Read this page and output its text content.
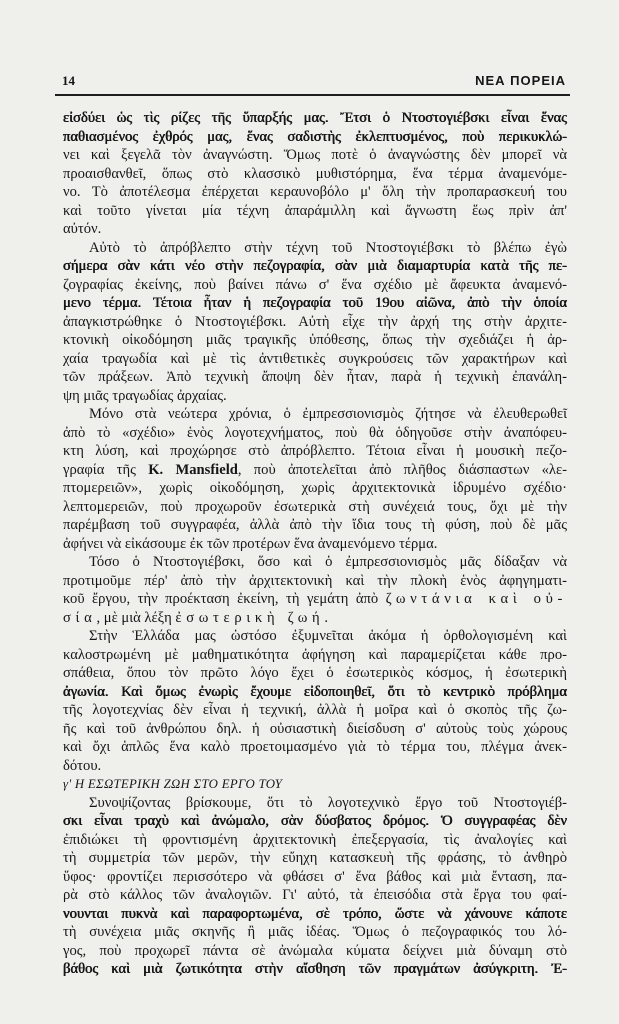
14	ΝΕΑ ΠΟΡΕΙΑ
εἰσδύει ὡς τὶς ρίζες τῆς ὕπαρξής μας. Ἔτσι ὁ Ντοστογιέβσκι εἶναι ἕνας
παθιασμένος ἐχθρός μας, ἕνας σαδιστὴς ἐκλεπτυσμένος, ποὺ περικυκλώ-
νει καὶ ξεγελᾶ τὸν ἀναγνώστη. Ὅμως ποτὲ ὁ ἀναγνώστης δὲν μπορεῖ νὰ
προαισθανθεῖ, ὅπως στὸ κλασσικὸ μυθιστόρημα, ἕνα τέρμα ἀναμενόμε-
νο. Τὸ ἀποτέλεσμα ἐπέρχεται κεραυνοβόλο μ' ὅλη τὴν προπαρασκευή του
καὶ τοῦτο γίνεται μία τέχνη ἀπαράμιλλη καὶ ἄγνωστη ἕως πρὶν ἀπ'
αὐτόν.
Αὐτὸ τὸ ἀπρόβλεπτο στὴν τέχνη τοῦ Ντοστογιέβσκι τὸ βλέπω ἐγὼ
σήμερα σὰν κάτι νέο στὴν πεζογραφία, σὰν μιὰ διαμαρτυρία κατὰ τῆς πε-
ζογραφίας ἐκείνης, ποὺ βαίνει πάνω σ' ἕνα σχέδιο μὲ ἄφευκτα ἀναμενό-
μενο τέρμα. Τέτοια ἦταν ἡ πεζογραφία τοῦ 19ου αἰῶνα, ἀπὸ τὴν ὁποία
ἀπαγκιστρώθηκε ὁ Ντοστογιέβσκι. Αὐτὴ εἶχε τὴν ἀρχή της στὴν ἀρχιτε-
κτονικὴ οἰκοδόμηση μιᾶς τραγικῆς ὑπόθεσης, ὅπως τὴν σχεδιάζει ἡ ἀρ-
χαία τραγωδία καὶ μὲ τὶς ἀντιθετικὲς συγκρούσεις τῶν χαρακτήρων καὶ
τῶν πράξεων. Ἀπὸ τεχνικὴ ἄποψη δὲν ἦταν, παρὰ ἡ τεχνικὴ ἐπανάλη-
ψη μιᾶς τραγωδίας ἀρχαίας.
Μόνο στὰ νεώτερα χρόνια, ὁ ἐμπρεσσιονισμὸς ζήτησε νὰ ἐλευθερωθεῖ
ἀπὸ τὸ «σχέδιο» ἑνὸς λογοτεχνήματος, ποὺ θὰ ὁδηγοῦσε στὴν ἀναπόφευ-
κτη λύση, καὶ προχώρησε στὸ ἀπρόβλεπτο. Τέτοια εἶναι ἡ μουσικὴ πεζο-
γραφία τῆς K. Mansfield, ποὺ ἀποτελεῖται ἀπὸ πλῆθος διάσπαστων «λε-
πτομερειῶν», χωρὶς οἰκοδόμηση, χωρὶς ἀρχιτεκτονικὰ ἱδρυμένο σχέδιο·
λεπτομερειῶν, ποὺ προχωροῦν ἐσωτερικὰ στὴ συνέχειά τους, ὄχι μὲ τὴν
παρέμβαση τοῦ συγγραφέα, ἀλλὰ ἀπὸ τὴν ἴδια τους τὴ φύση, ποὺ δὲ μᾶς
ἀφήνει νὰ εἰκάσουμε ἐκ τῶν προτέρων ἕνα ἀναμενόμενο τέρμα.
Τόσο ὁ Ντοστογιέβσκι, ὅσο καὶ ὁ ἐμπρεσσιονισμὸς μᾶς δίδαξαν νὰ
προτιμοῦμε πέρ' ἀπὸ τὴν ἀρχιτεκτονικὴ καὶ τὴν πλοκὴ ἑνὸς ἀφηγηματι-
κοῦ ἔργου, τὴν προέκταση ἐκείνη, τὴ γεμάτη ἀπὸ ζωντάνια καὶ οὐ-
σία, μὲ μιὰ λέξη ἐσωτερικὴ ζωή.
Στὴν Ἑλλάδα μας ὡστόσο ἐξυμνεῖται ἀκόμα ἡ ὀρθολογισμένη καὶ
καλοστρωμένη μὲ μαθηματικότητα ἀφήγηση καὶ παραμερίζεται κάθε προ-
σπάθεια, ὅπου τὸν πρῶτο λόγο ἔχει ὁ ἐσωτερικὸς κόσμος, ἡ ἐσωτερικὴ
ἀγωνία. Καὶ ὅμως ἐνωρὶς ἔχουμε εἰδοποιηθεῖ, ὅτι τὸ κεντρικὸ πρόβλημα
τῆς λογοτεχνίας δὲν εἶναι ἡ τεχνική, ἀλλὰ ἡ μοῖρα καὶ ὁ σκοπὸς τῆς ζω-
ῆς καὶ τοῦ ἀνθρώπου δηλ. ἡ οὐσιαστικὴ διείσδυση σ' αὐτοὺς τοὺς χώρους
καὶ ὄχι ἁπλῶς ἕνα καλὸ προετοιμασμένο γιὰ τὸ τέρμα του, πλέγμα ἀνεκ-
δότου.
γ' Η ΕΣΩΤΕΡΙΚΗ ΖΩΗ ΣΤΟ ΕΡΓΟ ΤΟΥ
Συνοψίζοντας βρίσκουμε, ὅτι τὸ λογοτεχνικὸ ἔργο τοῦ Ντοστογιέβ-
σκι εἶναι τραχὺ καὶ ἀνώμαλο, σὰν δύσβατος δρόμος. Ὁ συγγραφέας δὲν
ἐπιδιώκει τὴ φροντισμένη ἀρχιτεκτονικὴ ἐπεξεργασία, τὶς ἀναλογίες καὶ
τὴ συμμετρία τῶν μερῶν, τὴν εὔηχη κατασκευὴ τῆς φράσης, τὸ ἀνθηρὸ
ὕφος· φροντίζει περισσότερο νὰ φθάσει σ' ἕνα βάθος καὶ μιὰ ἔνταση, πα-
ρὰ στὸ κάλλος τῶν ἀναλογιῶν. Γι' αὐτό, τὰ ἐπεισόδια στὰ ἔργα του φαί-
νουνται πυκνὰ καὶ παραφορτωμένα, σὲ τρόπο, ὥστε νὰ χάνουνε κάποτε
τὴ συνέχεια μιᾶς σκηνῆς ἢ μιᾶς ἰδέας. Ὅμως ὁ πεζογραφικός του λό-
γος, ποὺ προχωρεῖ πάντα σὲ ἀνώμαλα κύματα δείχνει μιὰ δύναμη στὸ
βάθος καὶ μιὰ ζωτικότητα στὴν αἴσθηση τῶν πραγμάτων ἀσύγκριτη. Ἐ-
